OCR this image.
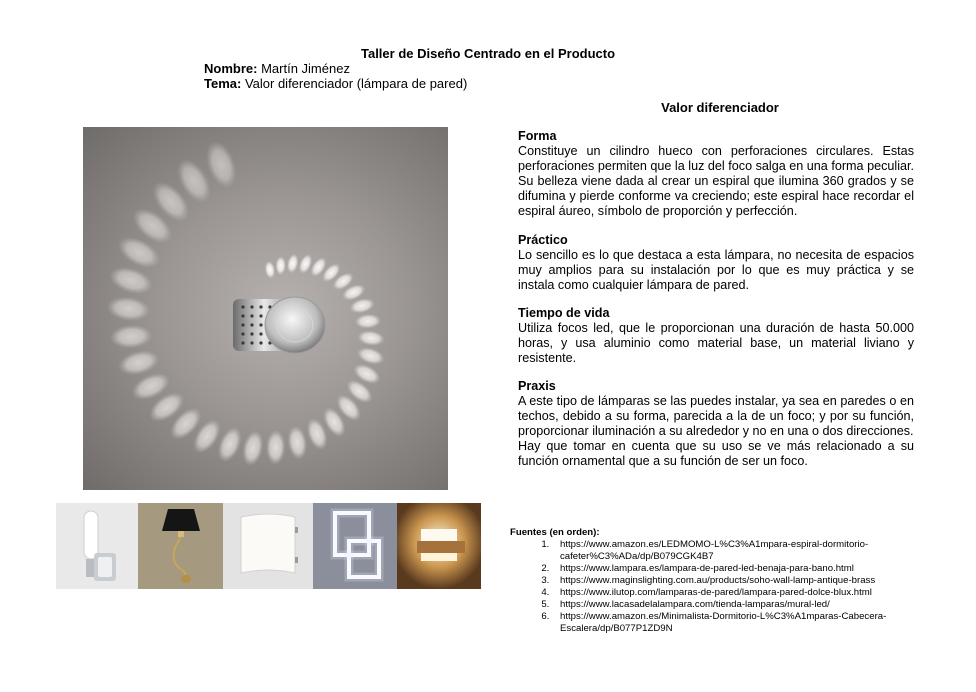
Taller de Diseño Centrado en el Producto
Nombre: Martín Jiménez
Tema: Valor diferenciador (lámpara de pared)
Valor diferenciador
Forma

Constituye un cilindro hueco con perforaciones circulares. Estas perforaciones permiten que la luz del foco salga en una forma peculiar. Su belleza viene dada al crear un espiral que ilumina 360 grados y se difumina y pierde conforme va creciendo; este espiral hace recordar el espiral áureo, símbolo de proporción y perfección.

Práctico

Lo sencillo es lo que destaca a esta lámpara, no necesita de espacios muy amplios para su instalación por lo que es muy práctica y se instala como cualquier lámpara de pared.

Tiempo de vida

Utiliza focos led, que le proporcionan una duración de hasta 50.000 horas, y usa aluminio como material base, un material liviano y resistente.

Praxis

A este tipo de lámparas se las puedes instalar, ya sea en paredes o en techos, debido a su forma, parecida a la de un foco; y por su función, proporcionar iluminación a su alrededor y no en una o dos direcciones.

Hay que tomar en cuenta que su uso se ve más relacionado a su función ornamental que a su función de ser un foco.

Fuentes (en orden):
1. https://www.amazon.es/LEDMOMO-L%C3%A1mpara-espiral-dormitorio-cafeter%C3%ADa/dp/B079CGK4B7
2. https://www.lampara.es/lampara-de-pared-led-benaja-para-bano.html
3. https://www.maginslighting.com.au/products/soho-wall-lamp-antique-brass
4. https://www.ilutop.com/lamparas-de-pared/lampara-pared-dolce-blux.html
5. https://www.lacasadelalampara.com/tienda-lamparas/mural-led/
6. https://www.amazon.es/Minimalista-Dormitorio-L%C3%A1mparas-Cabecera-Escalera/dp/B077P1ZD9N
